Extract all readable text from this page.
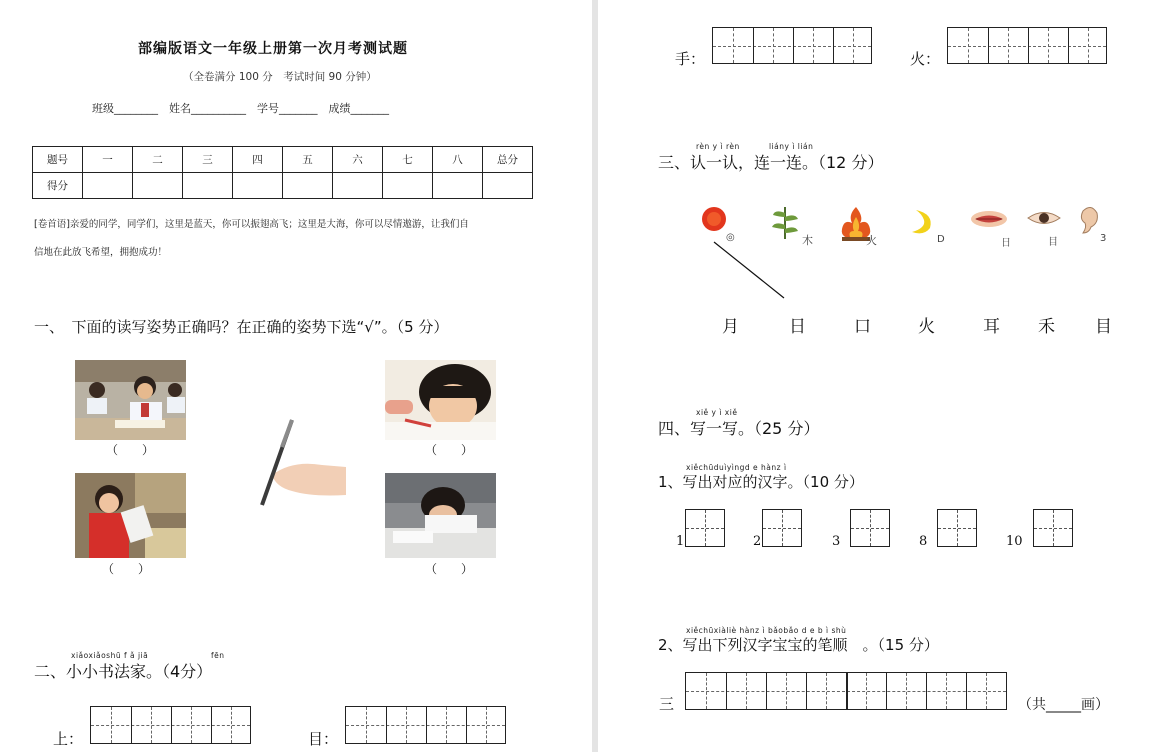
部编版语文一年级上册第一次月考测试题
（全卷满分 100 分　考试时间 90 分钟）
班级________　姓名__________　学号_______　成绩_______
题号	一	二	三	四	五	六	七	八	总分
得分									
[卷首语]亲爱的同学，同学们，这里是蓝天，你可以振翅高飞；这里是大海，你可以尽情遨游，让我们自
信地在此放飞希望，拥抱成功！
一、　下面的读写姿势正确吗？在正确的姿势下选“√”。（5 分）
（　　）	（　　）
（　　）	（　　）
xiǎoxiǎoshū f ǎ jiā	fēn
二、小小书法家。（4分）
上：	目：
手：	火：
rèn y ì rèn	liány ì lián
三、认一认，连一连。（12 分）
◎	木	火	D	日	目	3
月	日	口	火	耳 禾 目
xiě y ì xiě
四、写一写。（25 分）
xiěchūduìyìngd e hànz ì
1、写出对应的汉字。（10 分）
1	2	3	8	10
xiěchūxiàliè hànz ì bǎobǎo d e b ì shù
2、写出下列汉字宝宝的笔顺　。（15 分）
三	（共_____画）
